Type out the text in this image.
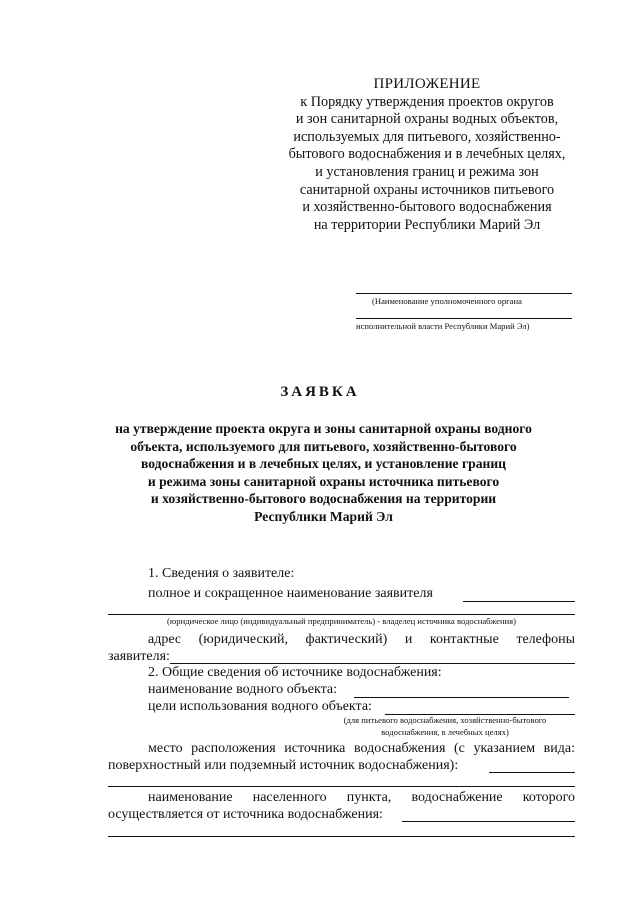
ПРИЛОЖЕНИЕ
к Порядку утверждения проектов округов
и зон санитарной охраны водных объектов,
используемых для питьевого, хозяйственно-
бытового водоснабжения и в лечебных целях,
и установления границ и режима зон
санитарной охраны источников питьевого
и хозяйственно-бытового водоснабжения
на территории Республики Марий Эл
(Наименование уполномоченного органа
исполнительной власти Республики Марий Эл)
ЗАЯВКА
на утверждение проекта округа и зоны санитарной охраны водного
объекта, используемого для питьевого, хозяйственно-бытового
водоснабжения и в лечебных целях, и установление границ
и режима зоны санитарной охраны источника питьевого
и хозяйственно-бытового водоснабжения на территории
Республики Марий Эл
1. Сведения о заявителе:
полное и сокращенное наименование заявителя
(юридическое лицо (индивидуальный предприниматель) - владелец источника водоснабжения)
адрес (юридический, фактический) и контактные телефоны
заявителя:
2. Общие сведения об источнике водоснабжения:
наименование водного объекта:
цели использования водного объекта:
(для питьевого водоснабжения, хозяйственно-бытового
водоснабжения, в лечебных целях)
место расположения источника водоснабжения (с указанием вида:
поверхностный или подземный источник водоснабжения):
наименование населенного пункта, водоснабжение которого
осуществляется от источника водоснабжения:
